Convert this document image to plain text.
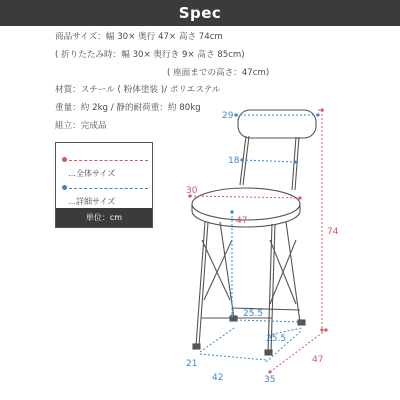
Spec
商品サイズ：幅 30× 奥行 47× 高さ 74cm
( 折りたたみ時：幅 30× 奥行き 9× 高さ 85cm)
( 座面までの高さ：47cm)
材質：スチール ( 粉体塗装 )/ ポリエステル
重量：約 2kg / 静的耐荷重：約 80kg
組立：完成品
…全体サイズ
…詳細サイズ
単位：cm
29
18
30
47
74
25.5
25.5
21
42	35
47
